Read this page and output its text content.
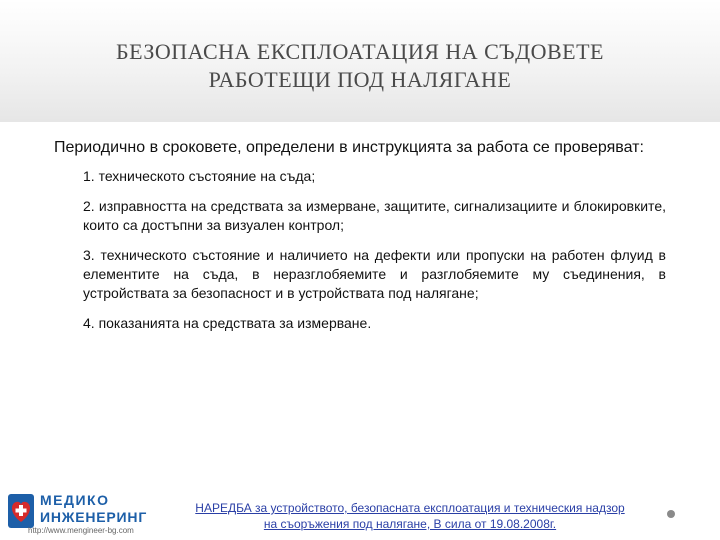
БЕЗОПАСНА ЕКСПЛОАТАЦИЯ НА СЪДОВЕТЕ
РАБОТЕЩИ ПОД НАЛЯГАНЕ

Периодично в сроковете, определени в инструкцията за работа се проверяват:

1. техническото състояние на съда;
2. изправността на средствата за измерване, защитите, сигнализациите и блокировките, които са достъпни за визуален контрол;
3. техническото състояние и наличието на дефекти или пропуски на работен флуид в елементите на съда, в неразглобяемите и разглобяемите му съединения, в устройствата за безопасност и в устройствата под налягане;
4. показанията на средствата за измерване.
МЕДИКО
ИНЖЕНЕРИНГ
http://www.mengineer-bg.com
НАРЕДБА за устройството, безопасната експлоатация и техническия надзор
на съоръжения под налягане, В сила от 19.08.2008г.
